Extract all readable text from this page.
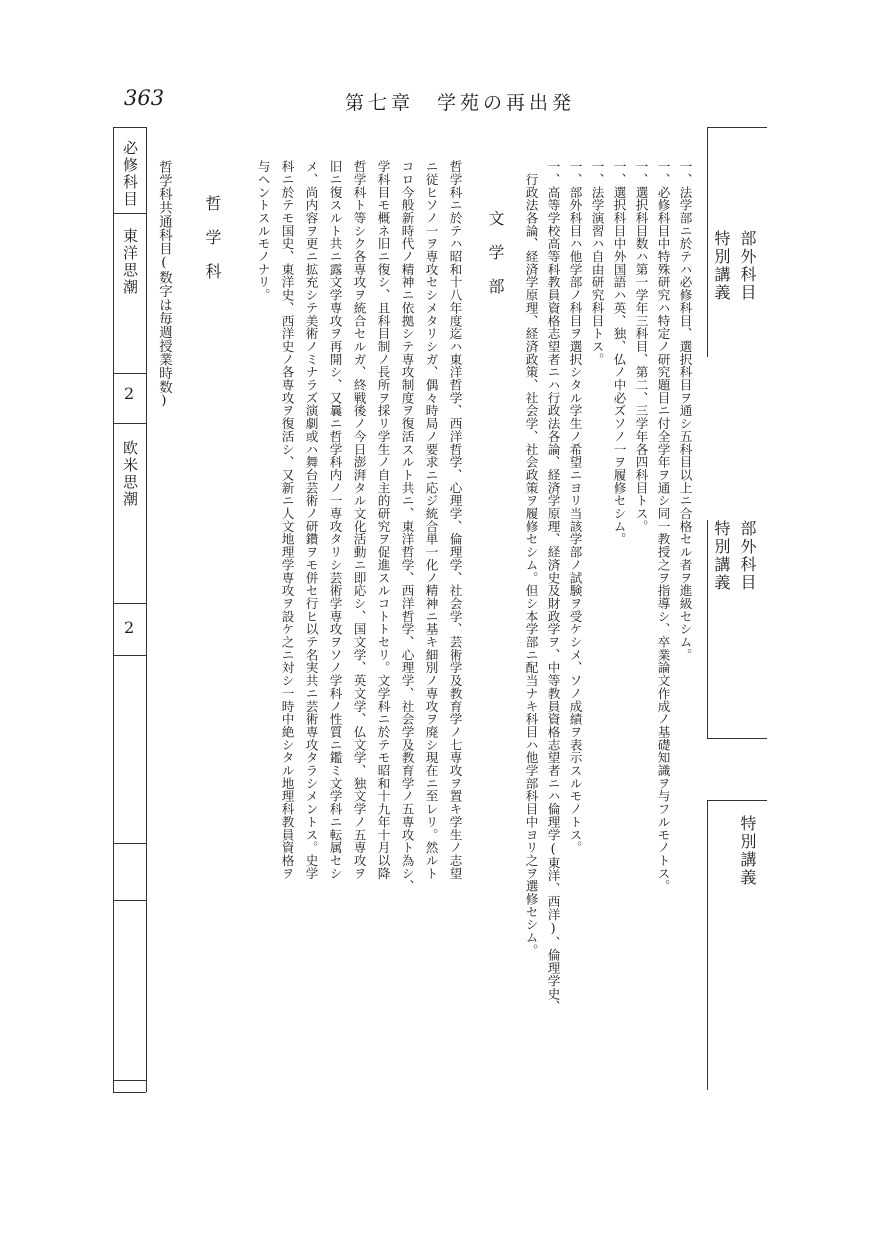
363	第七章　学苑の再出発
部外科目
特別講義
部外科目
特別講義
特別講義
一、法学部ニ於テハ必修科目、選択科目ヲ通シ五科目以上ニ合格セル者ヲ進級セシム。
一、必修科目中特殊研究ハ特定ノ研究題目ニ付全学年ヲ通シ同一教授之ヲ指導シ、卒業論文作成ノ基礎知識ヲ与フルモノトス。
一、選択科目数ハ第一学年三科目、第二、三学年各四科目トス。
一、選択科目中外国語ハ英、独、仏ノ中必ズソノ一ヲ履修セシム。
一、法学演習ハ自由研究科目トス。
一、部外科目ハ他学部ノ科目ヲ選択シタル学生ノ希望ニヨリ当該学部ノ試験ヲ受ケシメ、ソノ成績ヲ表示スルモノトス。
一、高等学校高等科教員資格志望者ニハ行政法各論、経済学原理、経済史及財政学ヲ、中等教員資格志望者ニハ倫理学(東洋、西洋)、倫理学史、
　行政法各論、経済学原理、経済政策、社会学、社会政策ヲ履修セシム。但シ本学部ニ配当ナキ科目ハ他学部科目中ヨリ之ヲ選修セシム。
文　学　部
哲学科ニ於テハ昭和十八年度迄ハ東洋哲学、西洋哲学、心理学、倫理学、社会学、芸術学及教育学ノ七専攻ヲ置キ学生ノ志望
ニ従ヒソノ一ヲ専攻セシメタリシガ、偶々時局ノ要求ニ応ジ統合単一化ノ精神ニ基キ細別ノ専攻ヲ廃シ現在ニ至レリ。然ルト
コロ今般新時代ノ精神ニ依拠シテ専攻制度ヲ復活スルト共ニ、東洋哲学、西洋哲学、心理学、社会学及教育学ノ五専攻ト為シ、
学科目モ概ネ旧ニ復シ、且科目制ノ長所ヲ採リ学生ノ自主的研究ヲ促進スルコトトセリ。文学科ニ於テモ昭和十九年十月以降
哲学科ト等シク各専攻ヲ統合セルガ、終戦後ノ今日澎湃タル文化活動ニ即応シ、国文学、英文学、仏文学、独文学ノ五専攻ヲ
旧ニ復スルト共ニ露文学専攻ヲ再開シ、又曩ニ哲学科内ノ一専攻タリシ芸術学専攻ヲソノ学科ノ性質ニ鑑ミ文学科ニ転属セシ
メ、尚内容ヲ更ニ拡充シテ美術ノミナラズ演劇或ハ舞台芸術ノ研鑽ヲモ併セ行ヒ以テ名実共ニ芸術専攻タラシメントス。史学
科ニ於テモ国史、東洋史、西洋史ノ各専攻ヲ復活シ、又新ニ人文地理学専攻ヲ設ケ之ニ対シ一時中絶シタル地理科教員資格ヲ
与ヘントスルモノナリ。
哲　学　科
哲学科共通科目(数字は毎週授業時数)
必修科目
東洋思潮
2
欧米思潮
2
